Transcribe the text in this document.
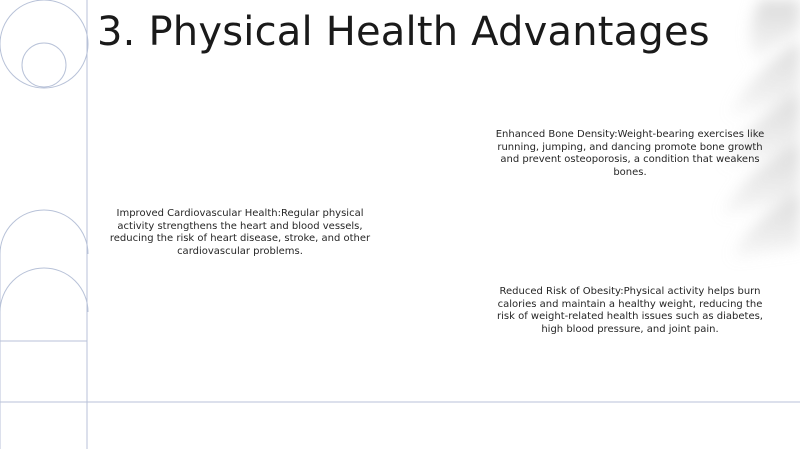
3. Physical Health Advantages

Improved Cardiovascular Health:Regular physical activity strengthens the heart and blood vessels, reducing the risk of heart disease, stroke, and other cardiovascular problems.

Enhanced Bone Density:Weight-bearing exercises like running, jumping, and dancing promote bone growth and prevent osteoporosis, a condition that weakens bones.

Reduced Risk of Obesity:Physical activity helps burn calories and maintain a healthy weight, reducing the risk of weight-related health issues such as diabetes, high blood pressure, and joint pain.
